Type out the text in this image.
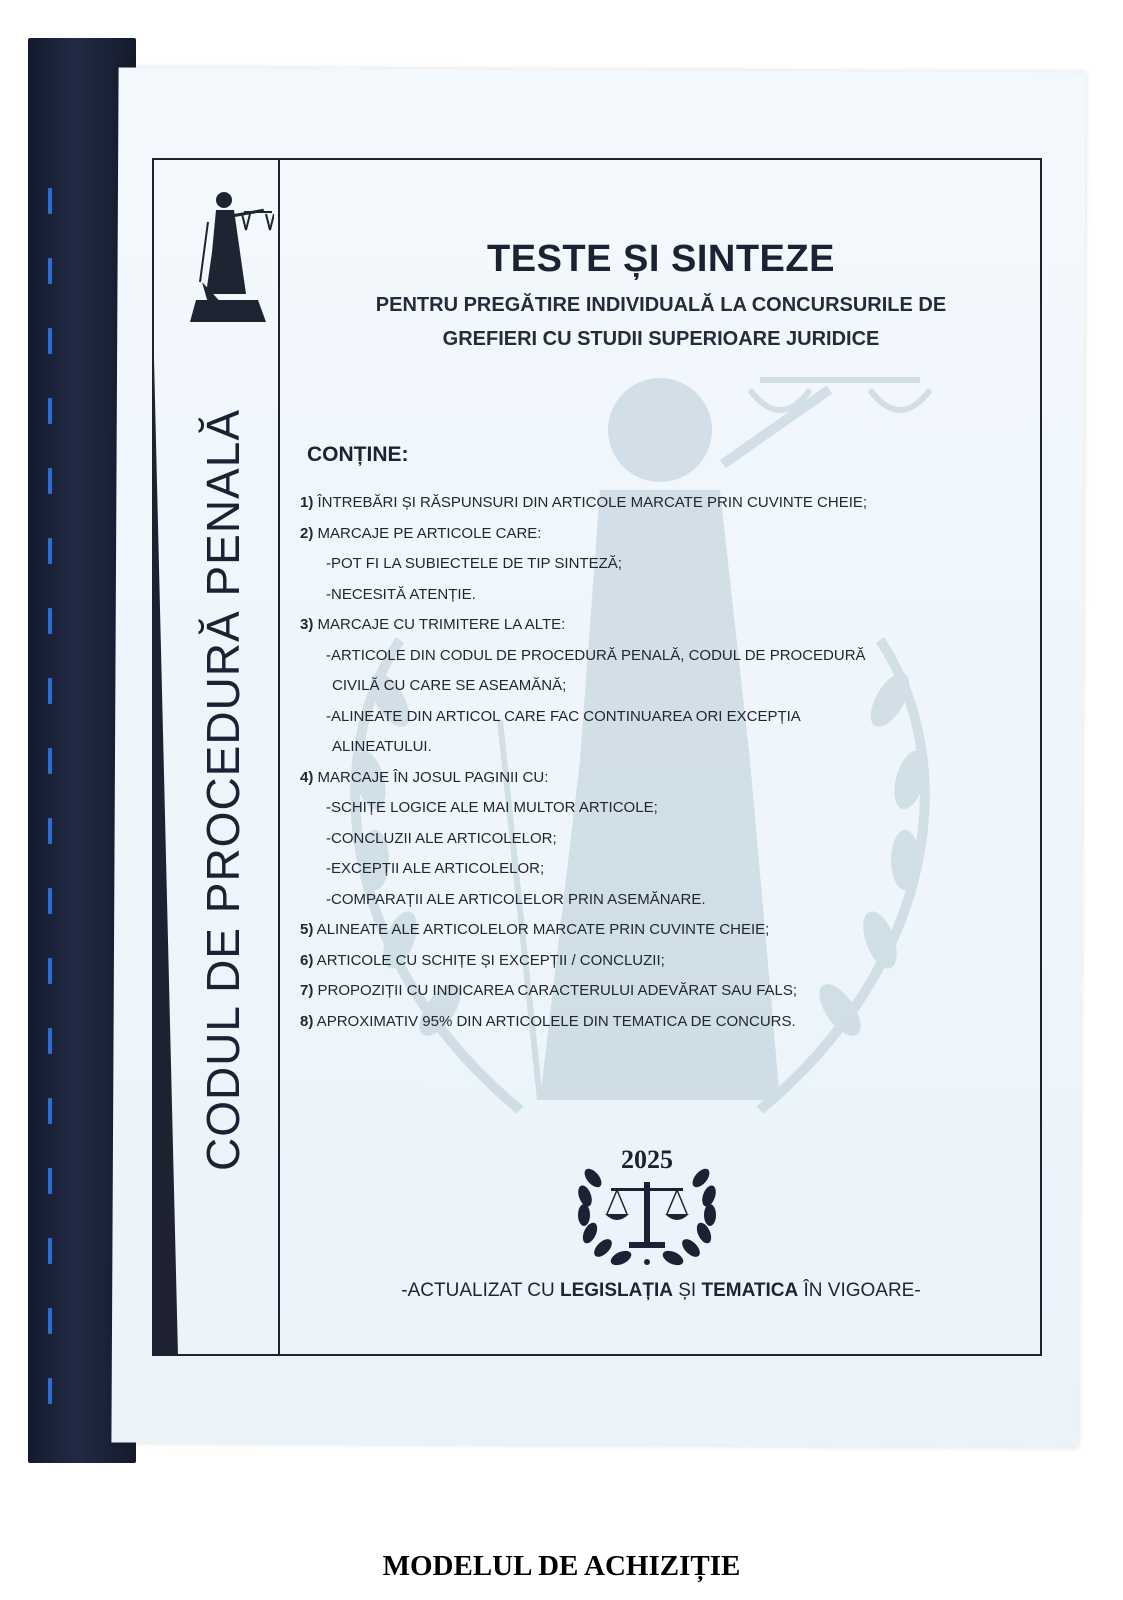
CODUL DE PROCEDURĂ PENALĂ
TESTE ȘI SINTEZE

PENTRU PREGĂTIRE INDIVIDUALĂ LA CONCURSURILE DE
GREFIERI CU STUDII SUPERIOARE JURIDICE

CONȚINE:

1) ÎNTREBĂRI ȘI RĂSPUNSURI DIN ARTICOLE MARCATE PRIN CUVINTE CHEIE;
2) MARCAJE PE ARTICOLE CARE:
-POT FI LA SUBIECTELE DE TIP SINTEZĂ;
-NECESITĂ ATENȚIE.
3) MARCAJE CU TRIMITERE LA ALTE:
-ARTICOLE DIN CODUL DE PROCEDURĂ PENALĂ, CODUL DE PROCEDURĂ
CIVILĂ CU CARE SE ASEAMĂNĂ;
-ALINEATE DIN ARTICOL CARE FAC CONTINUAREA ORI EXCEPȚIA
ALINEATULUI.
4) MARCAJE ÎN JOSUL PAGINII CU:
-SCHIȚE LOGICE ALE MAI MULTOR ARTICOLE;
-CONCLUZII ALE ARTICOLELOR;
-EXCEPȚII ALE ARTICOLELOR;
-COMPARAȚII ALE ARTICOLELOR PRIN ASEMĂNARE.
5) ALINEATE ALE ARTICOLELOR MARCATE PRIN CUVINTE CHEIE;
6) ARTICOLE CU SCHIȚE ȘI EXCEPȚII / CONCLUZII;
7) PROPOZIȚII CU INDICAREA CARACTERULUI ADEVĂRAT SAU FALS;
8) APROXIMATIV 95% DIN ARTICOLELE DIN TEMATICA DE CONCURS.
2025

-ACTUALIZAT CU LEGISLAȚIA ȘI TEMATICA ÎN VIGOARE-

MODELUL DE ACHIZIȚIE
